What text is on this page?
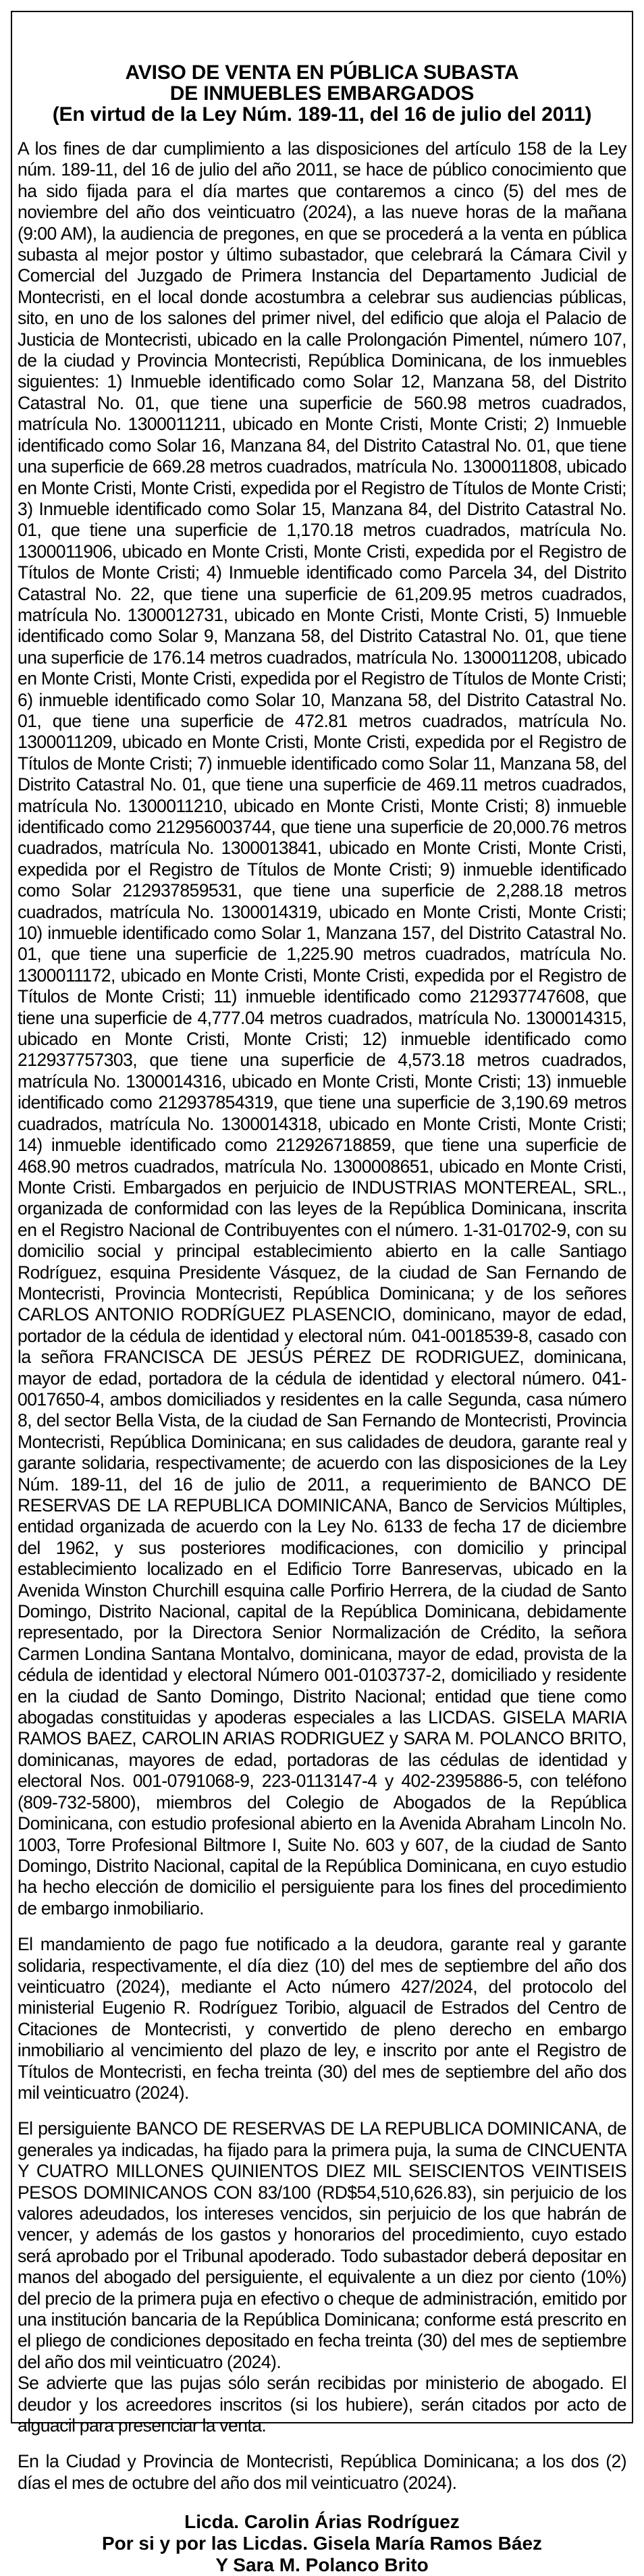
AVISO DE VENTA EN PÚBLICA SUBASTA
DE INMUEBLES EMBARGADOS
(En virtud de la Ley Núm. 189-11, del 16 de julio del 2011)

A los fines de dar cumplimiento a las disposiciones del artículo 158 de la Ley núm. 189-11, del 16 de julio del año 2011, se hace de público conocimiento que ha sido fijada para el día martes que contaremos a cinco (5) del mes de noviembre del año dos veinticuatro (2024), a las nueve horas de la mañana (9:00 AM), la audiencia de pregones, en que se procederá a la venta en pública subasta al mejor postor y último subastador, que celebrará la Cámara Civil y Comercial del Juzgado de Primera Instancia del Departamento Judicial de Montecristi, en el local donde acostumbra a celebrar sus audiencias públicas, sito, en uno de los salones del primer nivel, del edificio que aloja el Palacio de Justicia de Montecristi, ubicado en la calle Prolongación Pimentel, número 107, de la ciudad y Provincia Montecristi, República Dominicana, de los inmuebles siguientes: 1) Inmueble identificado como Solar 12, Manzana 58, del Distrito Catastral No. 01, que tiene una superficie de 560.98 metros cuadrados, matrícula No. 1300011211, ubicado en Monte Cristi, Monte Cristi; 2) Inmueble identificado como Solar 16, Manzana 84, del Distrito Catastral No. 01, que tiene una superficie de 669.28 metros cuadrados, matrícula No. 1300011808, ubicado en Monte Cristi, Monte Cristi, expedida por el Registro de Títulos de Monte Cristi; 3) Inmueble identificado como Solar 15, Manzana 84, del Distrito Catastral No. 01, que tiene una superficie de 1,170.18 metros cuadrados, matrícula No. 1300011906, ubicado en Monte Cristi, Monte Cristi, expedida por el Registro de Títulos de Monte Cristi; 4) Inmueble identificado como Parcela 34, del Distrito Catastral No. 22, que tiene una superficie de 61,209.95 metros cuadrados, matrícula No. 1300012731, ubicado en Monte Cristi, Monte Cristi, 5) Inmueble identificado como Solar 9, Manzana 58, del Distrito Catastral No. 01, que tiene una superficie de 176.14 metros cuadrados, matrícula No. 1300011208, ubicado en Monte Cristi, Monte Cristi, expedida por el Registro de Títulos de Monte Cristi; 6) inmueble identificado como Solar 10, Manzana 58, del Distrito Catastral No. 01, que tiene una superficie de 472.81 metros cuadrados, matrícula No. 1300011209, ubicado en Monte Cristi, Monte Cristi, expedida por el Registro de Títulos de Monte Cristi; 7) inmueble identificado como Solar 11, Manzana 58, del Distrito Catastral No. 01, que tiene una superficie de 469.11 metros cuadrados, matrícula No. 1300011210, ubicado en Monte Cristi, Monte Cristi; 8) inmueble identificado como 212956003744, que tiene una superficie de 20,000.76 metros cuadrados, matrícula No. 1300013841, ubicado en Monte Cristi, Monte Cristi, expedida por el Registro de Títulos de Monte Cristi; 9) inmueble identificado como Solar 212937859531, que tiene una superficie de 2,288.18 metros cuadrados, matrícula No. 1300014319, ubicado en Monte Cristi, Monte Cristi; 10) inmueble identificado como Solar 1, Manzana 157, del Distrito Catastral No. 01, que tiene una superficie de 1,225.90 metros cuadrados, matrícula No. 1300011172, ubicado en Monte Cristi, Monte Cristi, expedida por el Registro de Títulos de Monte Cristi; 11) inmueble identificado como 212937747608, que tiene una superficie de 4,777.04 metros cuadrados, matrícula No. 1300014315, ubicado en Monte Cristi, Monte Cristi; 12) inmueble identificado como 212937757303, que tiene una superficie de 4,573.18 metros cuadrados, matrícula No. 1300014316, ubicado en Monte Cristi, Monte Cristi; 13) inmueble identificado como 212937854319, que tiene una superficie de 3,190.69 metros cuadrados, matrícula No. 1300014318, ubicado en Monte Cristi, Monte Cristi; 14) inmueble identificado como 212926718859, que tiene una superficie de 468.90 metros cuadrados, matrícula No. 1300008651, ubicado en Monte Cristi, Monte Cristi. Embargados en perjuicio de INDUSTRIAS MONTEREAL, SRL., organizada de conformidad con las leyes de la República Dominicana, inscrita en el Registro Nacional de Contribuyentes con el número. 1-31-01702-9, con su domicilio social y principal establecimiento abierto en la calle Santiago Rodríguez, esquina Presidente Vásquez, de la ciudad de San Fernando de Montecristi, Provincia Montecristi, República Dominicana; y de los señores CARLOS ANTONIO RODRÍGUEZ PLASENCIO, dominicano, mayor de edad, portador de la cédula de identidad y electoral núm. 041-0018539-8, casado con la señora FRANCISCA DE JESÚS PÉREZ DE RODRIGUEZ, dominicana, mayor de edad, portadora de la cédula de identidad y electoral número. 041-0017650-4, ambos domiciliados y residentes en la calle Segunda, casa número 8, del sector Bella Vista, de la ciudad de San Fernando de Montecristi, Provincia Montecristi, República Dominicana; en sus calidades de deudora, garante real y garante solidaria, respectivamente; de acuerdo con las disposiciones de la Ley Núm. 189-11, del 16 de julio de 2011, a requerimiento de BANCO DE RESERVAS DE LA REPUBLICA DOMINICANA, Banco de Servicios Múltiples, entidad organizada de acuerdo con la Ley No. 6133 de fecha 17 de diciembre del 1962, y sus posteriores modificaciones, con domicilio y principal establecimiento localizado en el Edificio Torre Banreservas, ubicado en la Avenida Winston Churchill esquina calle Porfirio Herrera, de la ciudad de Santo Domingo, Distrito Nacional, capital de la República Dominicana, debidamente representado, por la Directora Senior Normalización de Crédito, la señora Carmen Londina Santana Montalvo, dominicana, mayor de edad, provista de la cédula de identidad y electoral Número 001-0103737-2, domiciliado y residente en la ciudad de Santo Domingo, Distrito Nacional; entidad que tiene como abogadas constituidas y apoderas especiales a las LICDAS. GISELA MARIA RAMOS BAEZ, CAROLIN ARIAS RODRIGUEZ y SARA M. POLANCO BRITO, dominicanas, mayores de edad, portadoras de las cédulas de identidad y electoral Nos. 001-0791068-9, 223-0113147-4 y 402-2395886-5, con teléfono (809-732-5800), miembros del Colegio de Abogados de la República Dominicana, con estudio profesional abierto en la Avenida Abraham Lincoln No. 1003, Torre Profesional Biltmore I, Suite No. 603 y 607, de la ciudad de Santo Domingo, Distrito Nacional, capital de la República Dominicana, en cuyo estudio ha hecho elección de domicilio el persiguiente para los fines del procedimiento de embargo inmobiliario.

El mandamiento de pago fue notificado a la deudora, garante real y garante solidaria, respectivamente, el día diez (10) del mes de septiembre del año dos veinticuatro (2024), mediante el Acto número 427/2024, del protocolo del ministerial Eugenio R. Rodríguez Toribio, alguacil de Estrados del Centro de Citaciones de Montecristi, y convertido de pleno derecho en embargo inmobiliario al vencimiento del plazo de ley, e inscrito por ante el Registro de Títulos de Montecristi, en fecha treinta (30) del mes de septiembre del año dos mil veinticuatro (2024).

El persiguiente BANCO DE RESERVAS DE LA REPUBLICA DOMINICANA, de generales ya indicadas, ha fijado para la primera puja, la suma de CINCUENTA Y CUATRO MILLONES QUINIENTOS DIEZ MIL SEISCIENTOS VEINTISEIS PESOS DOMINICANOS CON 83/100 (RD$54,510,626.83), sin perjuicio de los valores adeudados, los intereses vencidos, sin perjuicio de los que habrán de vencer, y además de los gastos y honorarios del procedimiento, cuyo estado será aprobado por el Tribunal apoderado. Todo subastador deberá depositar en manos del abogado del persiguiente, el equivalente a un diez por ciento (10%) del precio de la primera puja en efectivo o cheque de administración, emitido por una institución bancaria de la República Dominicana; conforme está prescrito en el pliego de condiciones depositado en fecha treinta (30) del mes de septiembre del año dos mil veinticuatro (2024).

Se advierte que las pujas sólo serán recibidas por ministerio de abogado. El deudor y los acreedores inscritos (si los hubiere), serán citados por acto de alguacil para presenciar la venta.

En la Ciudad y Provincia de Montecristi, República Dominicana; a los dos (2) días el mes de octubre del año dos mil veinticuatro (2024).

Licda. Carolin Árias Rodríguez
Por si y por las Licdas. Gisela María Ramos Báez
Y Sara M. Polanco Brito
